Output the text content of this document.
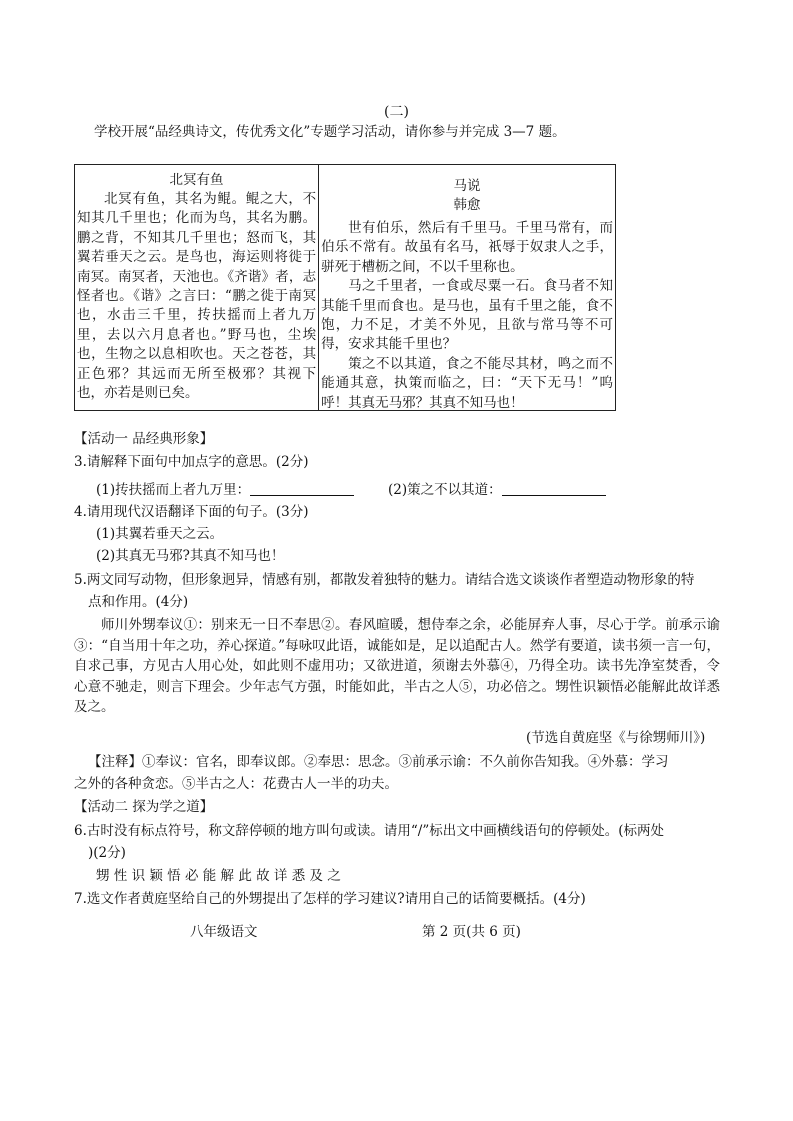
(二)
学校开展“品经典诗文，传优秀文化”专题学习活动，请你参与并完成 3—7 题。
北冥有鱼
北冥有鱼，其名为鲲。鲲之大，不知其几千里也；化而为鸟，其名为鹏。鹏之背，不知其几千里也；怒而飞，其翼若垂天之云。是鸟也，海运则将徙于南冥。南冥者，天池也。《齐谐》者，志怪者也。《谐》之言曰：“鹏之徙于南冥也，水击三千里，抟扶摇而上者九万里，去以六月息者也。”野马也，尘埃也，生物之以息相吹也。天之苍苍，其正色邪？其远而无所至极邪？其视下也，亦若是则已矣。
马说
韩愈
世有伯乐，然后有千里马。千里马常有，而伯乐不常有。故虽有名马，祇辱于奴隶人之手，骈死于槽枥之间，不以千里称也。
马之千里者，一食或尽粟一石。食马者不知其能千里而食也。是马也，虽有千里之能，食不饱，力不足，才美不外见，且欲与常马等不可得，安求其能千里也？
策之不以其道，食之不能尽其材，鸣之而不能通其意，执策而临之，曰：“天下无马！”呜呼！其真无马邪？其真不知马也！
【活动一 品经典形象】
3.请解释下面句中加点字的意思。(2分)
(1)抟扶摇而上者九万里：	(2)策之不以其道：
4.请用现代汉语翻译下面的句子。(3分)
(1)其翼若垂天之云。
(2)其真无马邪?其真不知马也！
5.两文同写动物，但形象迥异，情感有别，都散发着独特的魅力。请结合选文谈谈作者塑造动物形象的特
点和作用。(4分)
师川外甥奉议①：别来无一日不奉思②。春风暄暖，想侍奉之余，必能屏弃人事，尽心于学。前承示谕③：“自当用十年之功，养心探道。”每咏叹此语，诚能如是，足以追配古人。然学有要道，读书须一言一句，自求己事，方见古人用心处，如此则不虚用功；又欲进道，须谢去外慕④，乃得全功。读书先净室焚香，令心意不驰走，则言下理会。少年志气方强，时能如此，半古之人⑤，功必倍之。甥性识颖悟必能解此故详悉及之。
(节选自黄庭坚《与徐甥师川》)
【注释】①奉议：官名，即奉议郎。②奉思：思念。③前承示谕：不久前你告知我。④外慕：学习
之外的各种贪恋。⑤半古之人：花费古人一半的功夫。
【活动二 探为学之道】
6.古时没有标点符号，称文辞停顿的地方叫句或读。请用“/”标出文中画横线语句的停顿处。(标两处
)(2分)
甥 性 识 颖 悟 必 能 解 此 故 详 悉 及 之
7.选文作者黄庭坚给自己的外甥提出了怎样的学习建议?请用自己的话简要概括。(4分)
八年级语文	第 2 页(共 6 页)
